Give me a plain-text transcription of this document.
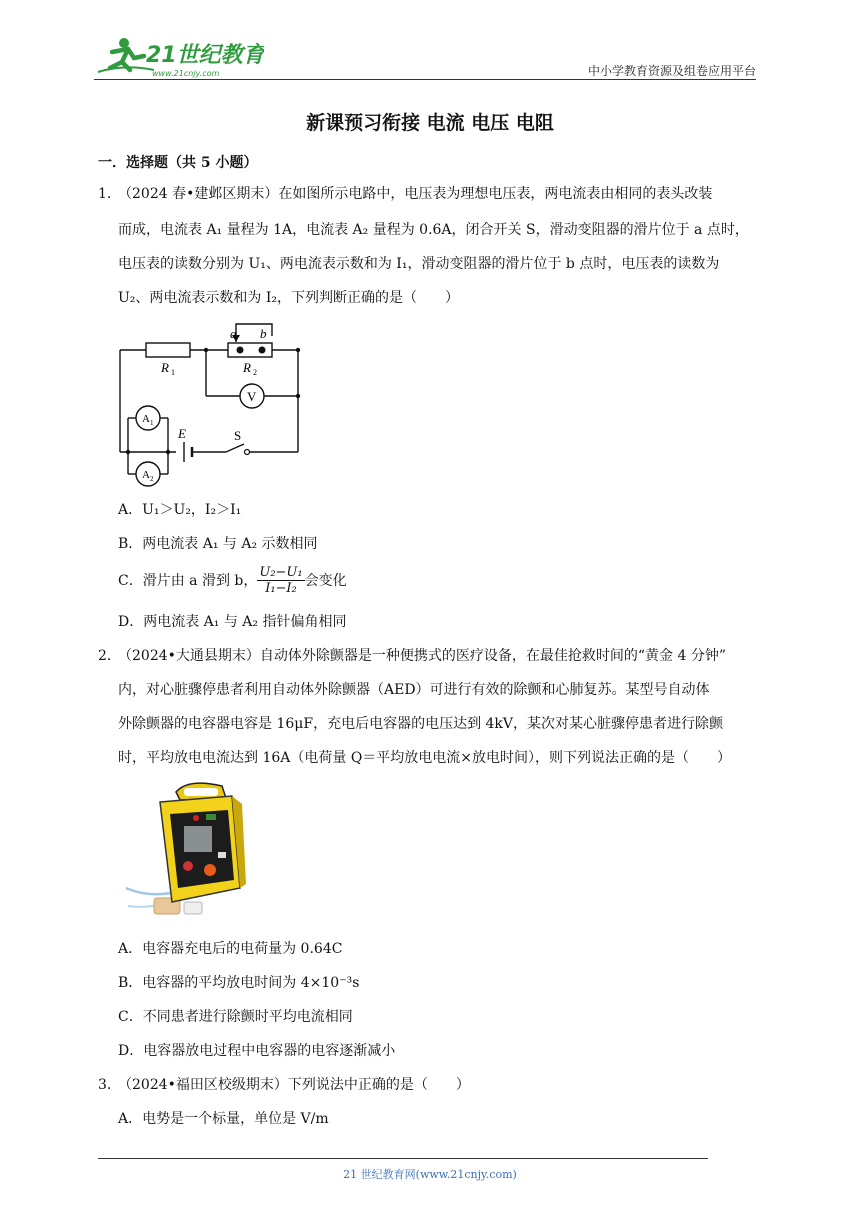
21世纪教育
www.21cnjy.com	中小学教育资源及组卷应用平台
新课预习衔接 电流 电压 电阻
一．选择题（共 5 小题）
1．
（2024 春•建邺区期末）在如图所示电路中，电压表为理想电压表，两电流表由相同的表头改装
而成，电流表 A₁ 量程为 1A，电流表 A₂ 量程为 0.6A，闭合开关 S，滑动变阻器的滑片位于 a 点时，
电压表的读数分别为 U₁、两电流表示数和为 I₁，滑动变阻器的滑片位于 b 点时，电压表的读数为
U₂、两电流表示数和为 I₂，下列判断正确的是（　　）
a b
R 1	R 2
V
A 1
A 2
E	S
A．U₁＞U₂，I₂＞I₁
B．两电流表 A₁ 与 A₂ 示数相同
C．滑片由 a 滑到 b， $\frac{\text{U₂−U₁}}{\text{I₁−I₂}}$ 会变化
D．两电流表 A₁ 与 A₂ 指针偏角相同
2．
（2024•大通县期末）自动体外除颤器是一种便携式的医疗设备，在最佳抢救时间的“黄金 4 分钟”
内，对心脏骤停患者利用自动体外除颤器（AED）可进行有效的除颤和心肺复苏。某型号自动体
外除颤器的电容器电容是 16μF，充电后电容器的电压达到 4kV，某次对某心脏骤停患者进行除颤
时，平均放电电流达到 16A（电荷量 Q＝平均放电电流×放电时间），则下列说法正确的是（　　）
A．电容器充电后的电荷量为 0.64C
B．电容器的平均放电时间为 4×10⁻³s
C．不同患者进行除颤时平均电流相同
D．电容器放电过程中电容器的电容逐渐减小
3．
（2024•福田区校级期末）下列说法中正确的是（　　）
A．电势是一个标量，单位是 V/m
21 世纪教育网(www.21cnjy.com)
